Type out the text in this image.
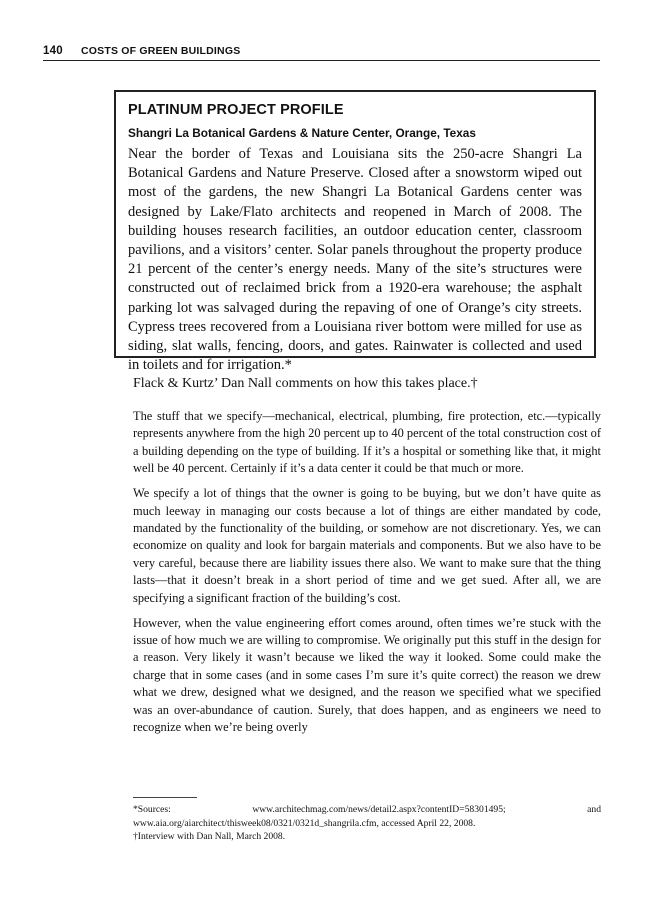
140 COSTS OF GREEN BUILDINGS
PLATINUM PROJECT PROFILE
Shangri La Botanical Gardens & Nature Center, Orange, Texas

Near the border of Texas and Louisiana sits the 250-acre Shangri La Botanical Gardens and Nature Preserve. Closed after a snowstorm wiped out most of the gardens, the new Shangri La Botanical Gardens center was designed by Lake/Flato architects and reopened in March of 2008. The building houses research facilities, an outdoor education center, classroom pavilions, and a visitors’ center. Solar panels throughout the property produce 21 percent of the center’s energy needs. Many of the site’s structures were constructed out of reclaimed brick from a 1920-era warehouse; the asphalt parking lot was salvaged during the repaving of one of Orange’s city streets. Cypress trees recovered from a Louisiana river bottom were milled for use as siding, slat walls, fencing, doors, and gates. Rainwater is collected and used in toilets and for irrigation.*

Flack & Kurtz’ Dan Nall comments on how this takes place.†

The stuff that we specify—mechanical, electrical, plumbing, fire protection, etc.—typically represents anywhere from the high 20 percent up to 40 percent of the total construction cost of a building depending on the type of building. If it’s a hospital or something like that, it might well be 40 percent. Certainly if it’s a data center it could be that much or more.

We specify a lot of things that the owner is going to be buying, but we don’t have quite as much leeway in managing our costs because a lot of things are either mandated by code, mandated by the functionality of the building, or somehow are not discretionary. Yes, we can economize on quality and look for bargain materials and components. But we also have to be very careful, because there are liability issues there also. We want to make sure that the thing lasts—that it doesn’t break in a short period of time and we get sued. After all, we are specifying a significant fraction of the building’s cost.

However, when the value engineering effort comes around, often times we’re stuck with the issue of how much we are willing to compromise. We originally put this stuff in the design for a reason. Very likely it wasn’t because we liked the way it looked. Some could make the charge that in some cases (and in some cases I’m sure it’s quite correct) the reason we drew what we drew, designed what we designed, and the reason we specified what we specified was an over-abundance of caution. Surely, that does happen, and as engineers we need to recognize when we’re being overly

*Sources: www.architechmag.com/news/detail2.aspx?contentID=58301495; and www.aia.org/aiarchitect/thisweek08/0321/0321d_shangrila.cfm, accessed April 22, 2008.

†Interview with Dan Nall, March 2008.
